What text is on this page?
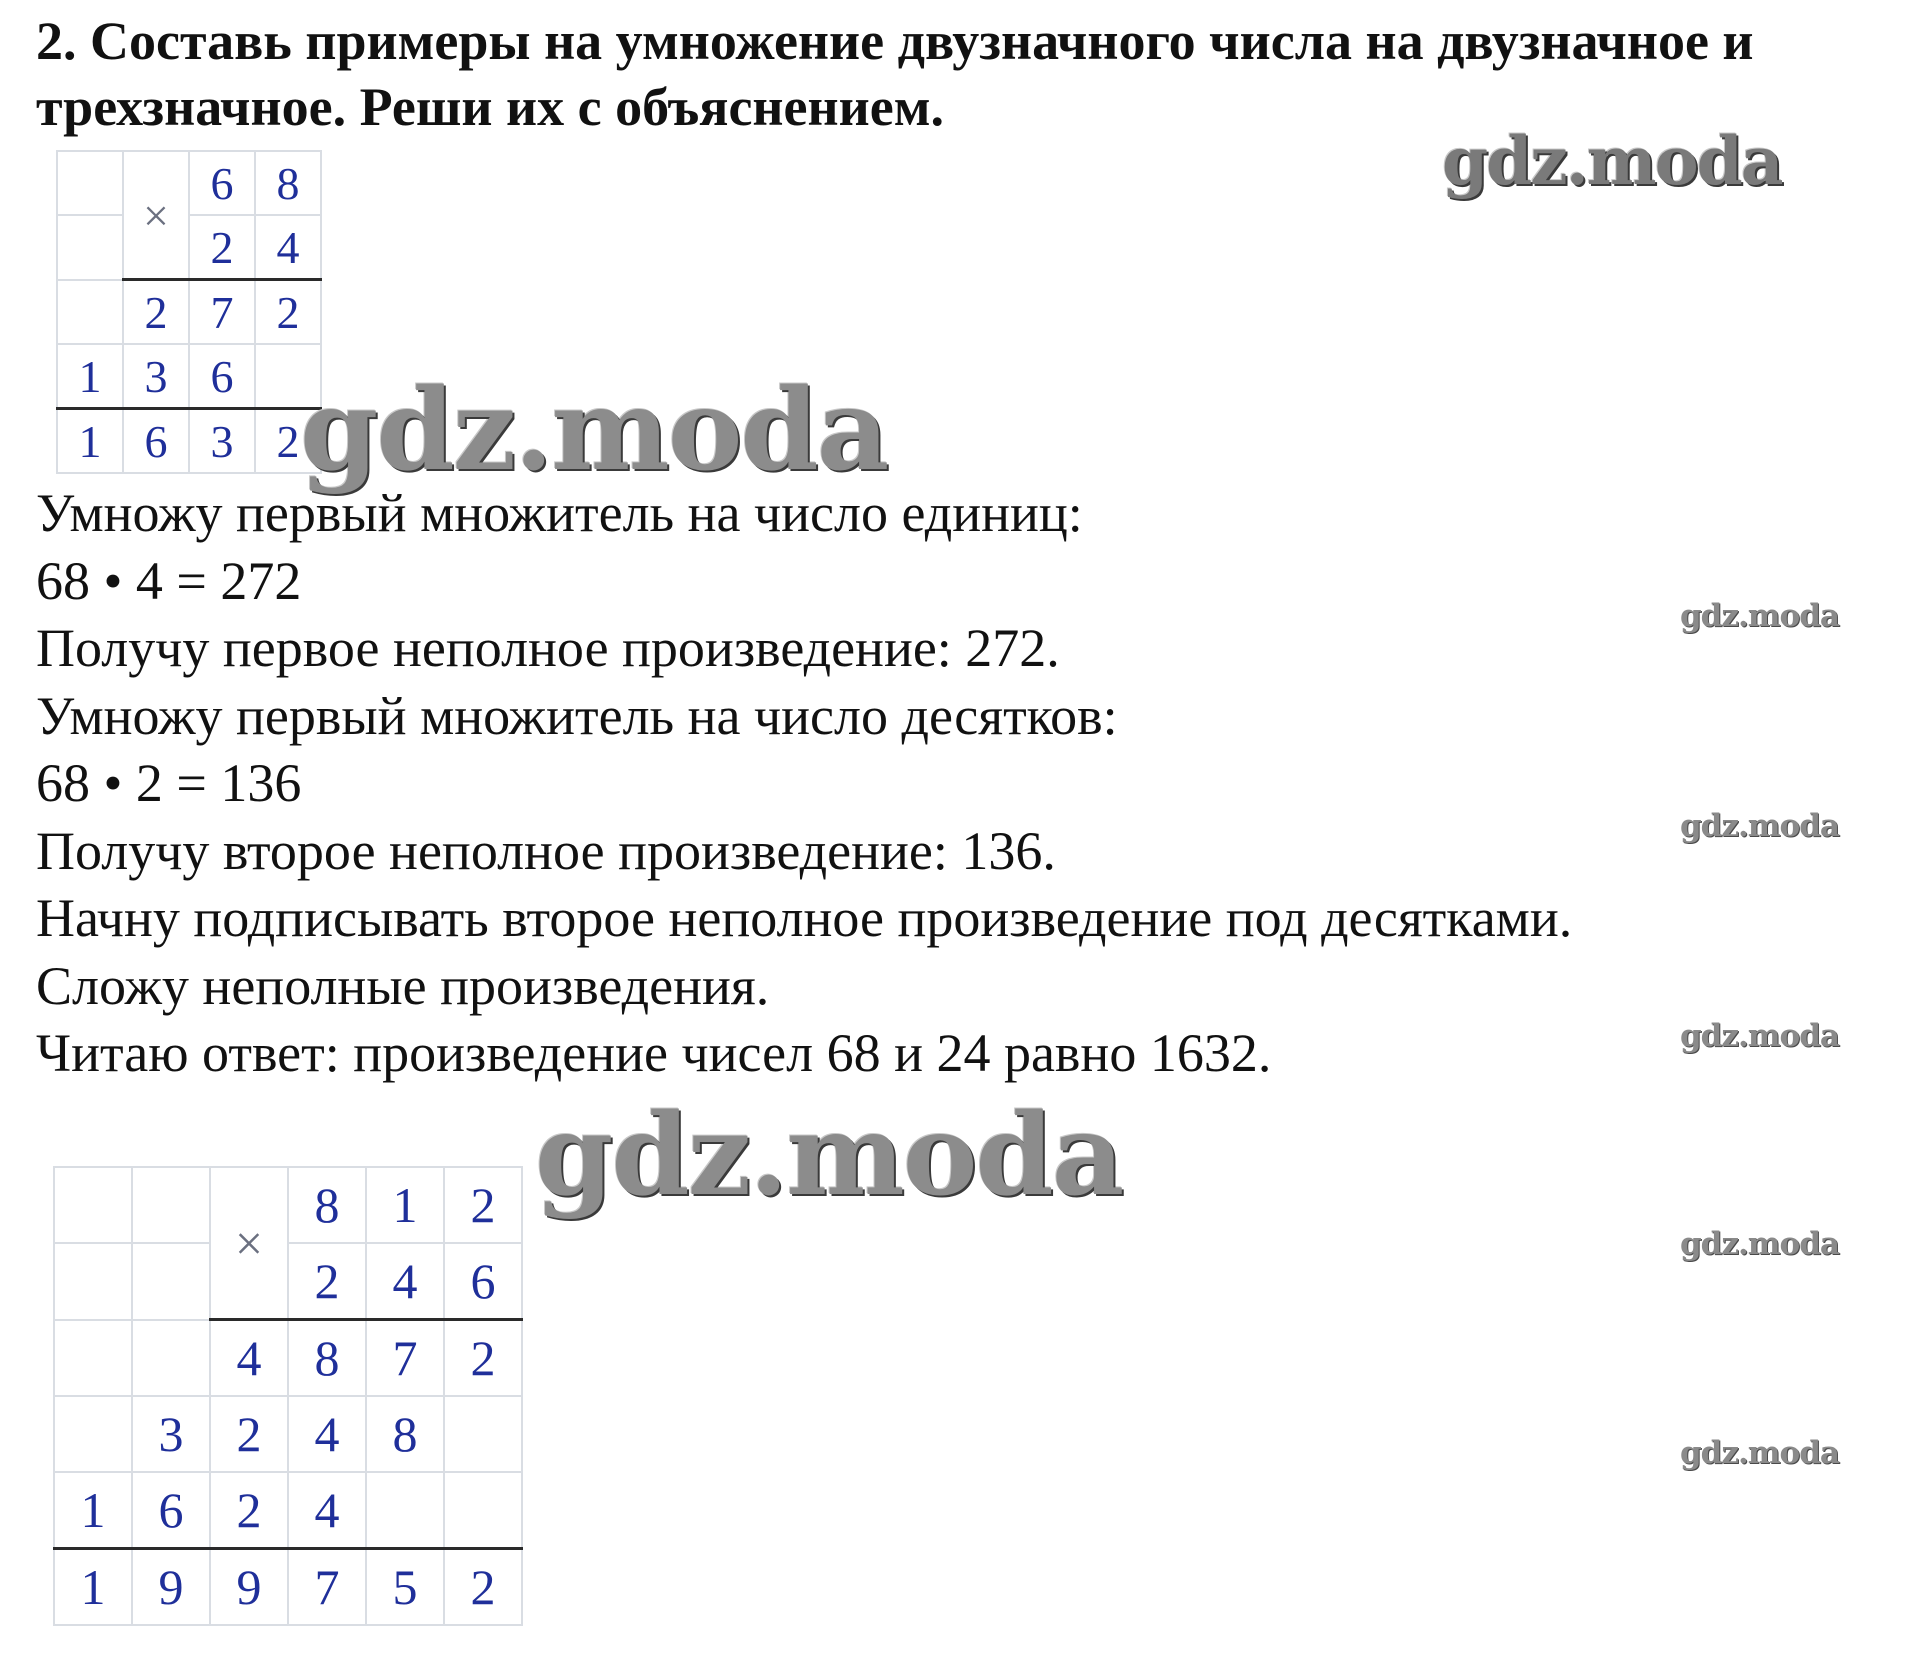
2. Составь примеры на умножение двузначного числа на двузначное и
трехзначное. Реши их с объяснением.
	×	6	8
		2	4
	2	7	2
1	3	6	
1	6	3	2
Умножу первый множитель на число единиц:
68 • 4 = 272
Получу первое неполное произведение: 272.
Умножу первый множитель на число десятков:
68 • 2 = 136
Получу второе неполное произведение: 136.
Начну подписывать второе неполное произведение под десятками.
Сложу неполные произведения.
Читаю ответ: произведение чисел 68 и 24 равно 1632.
		×	8	1	2
			2	4	6
		4	8	7	2
	3	2	4	8	
1	6	2	4		
1	9	9	7	5	2
gdz.moda
gdz.moda
gdz.moda
gdz.moda
gdz.moda
gdz.moda
gdz.moda
gdz.moda
